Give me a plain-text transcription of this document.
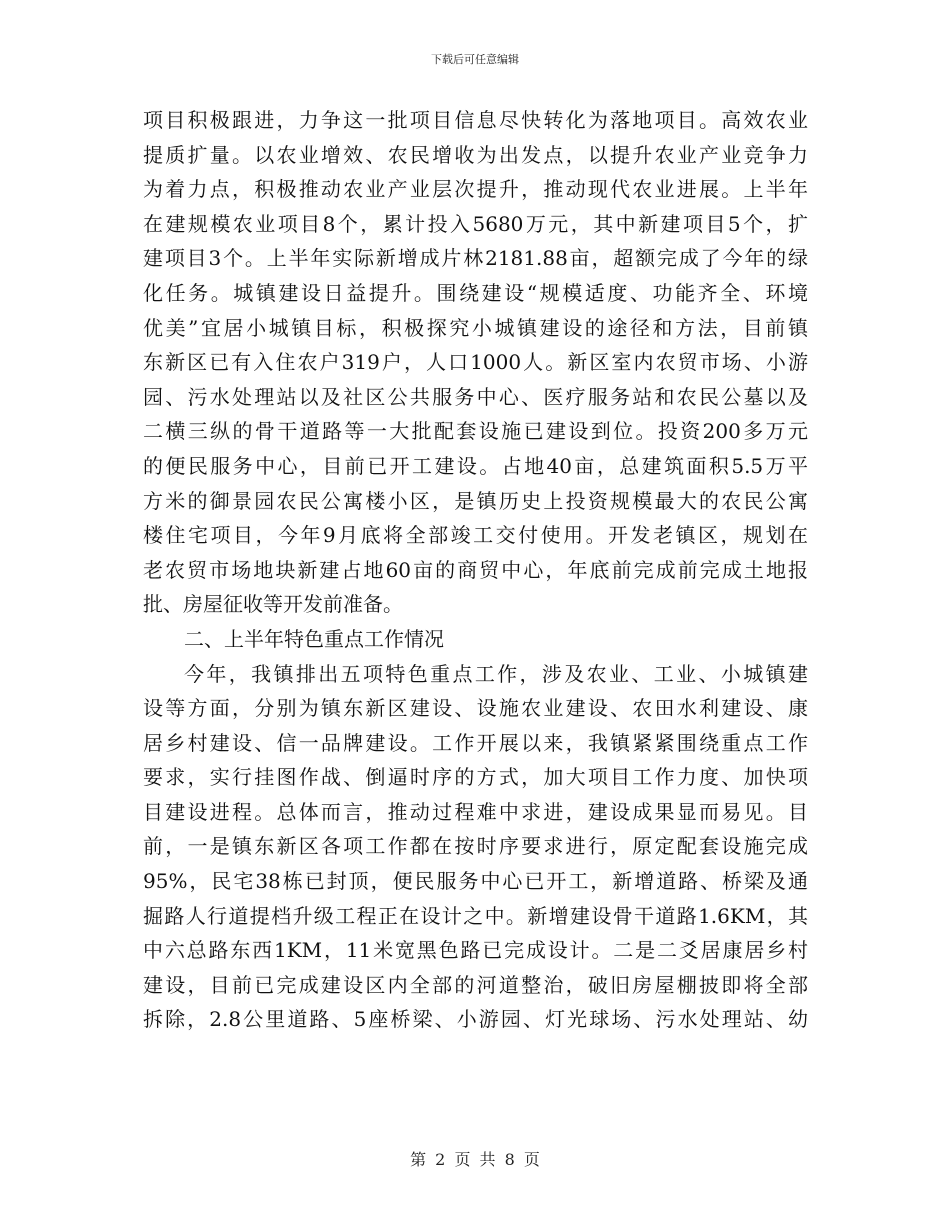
下载后可任意编辑
项目积极跟进，力争这一批项目信息尽快转化为落地项目。高效农业
提质扩量。以农业增效、农民增收为出发点，以提升农业产业竞争力
为着力点，积极推动农业产业层次提升，推动现代农业进展。上半年
在建规模农业项目8个，累计投入5680万元，其中新建项目5个，扩
建项目3个。上半年实际新增成片林2181.88亩，超额完成了今年的绿
化任务。城镇建设日益提升。围绕建设“规模适度、功能齐全、环境
优美”宜居小城镇目标，积极探究小城镇建设的途径和方法，目前镇
东新区已有入住农户319户，人口1000人。新区室内农贸市场、小游
园、污水处理站以及社区公共服务中心、医疗服务站和农民公墓以及
二横三纵的骨干道路等一大批配套设施已建设到位。投资200多万元
的便民服务中心，目前已开工建设。占地40亩，总建筑面积5.5万平
方米的御景园农民公寓楼小区，是镇历史上投资规模最大的农民公寓
楼住宅项目，今年9月底将全部竣工交付使用。开发老镇区，规划在
老农贸市场地块新建占地60亩的商贸中心，年底前完成前完成土地报
批、房屋征收等开发前准备。
二、上半年特色重点工作情况
今年，我镇排出五项特色重点工作，涉及农业、工业、小城镇建
设等方面，分别为镇东新区建设、设施农业建设、农田水利建设、康
居乡村建设、信一品牌建设。工作开展以来，我镇紧紧围绕重点工作
要求，实行挂图作战、倒逼时序的方式，加大项目工作力度、加快项
目建设进程。总体而言，推动过程难中求进，建设成果显而易见。目
前，一是镇东新区各项工作都在按时序要求进行，原定配套设施完成
95%，民宅38栋已封顶，便民服务中心已开工，新增道路、桥梁及通
掘路人行道提档升级工程正在设计之中。新增建设骨干道路1.6KM，其
中六总路东西1KM，11米宽黑色路已完成设计。二是二爻居康居乡村
建设，目前已完成建设区内全部的河道整治，破旧房屋棚披即将全部
拆除，2.8公里道路、5座桥梁、小游园、灯光球场、污水处理站、幼
第 2 页 共 8 页
